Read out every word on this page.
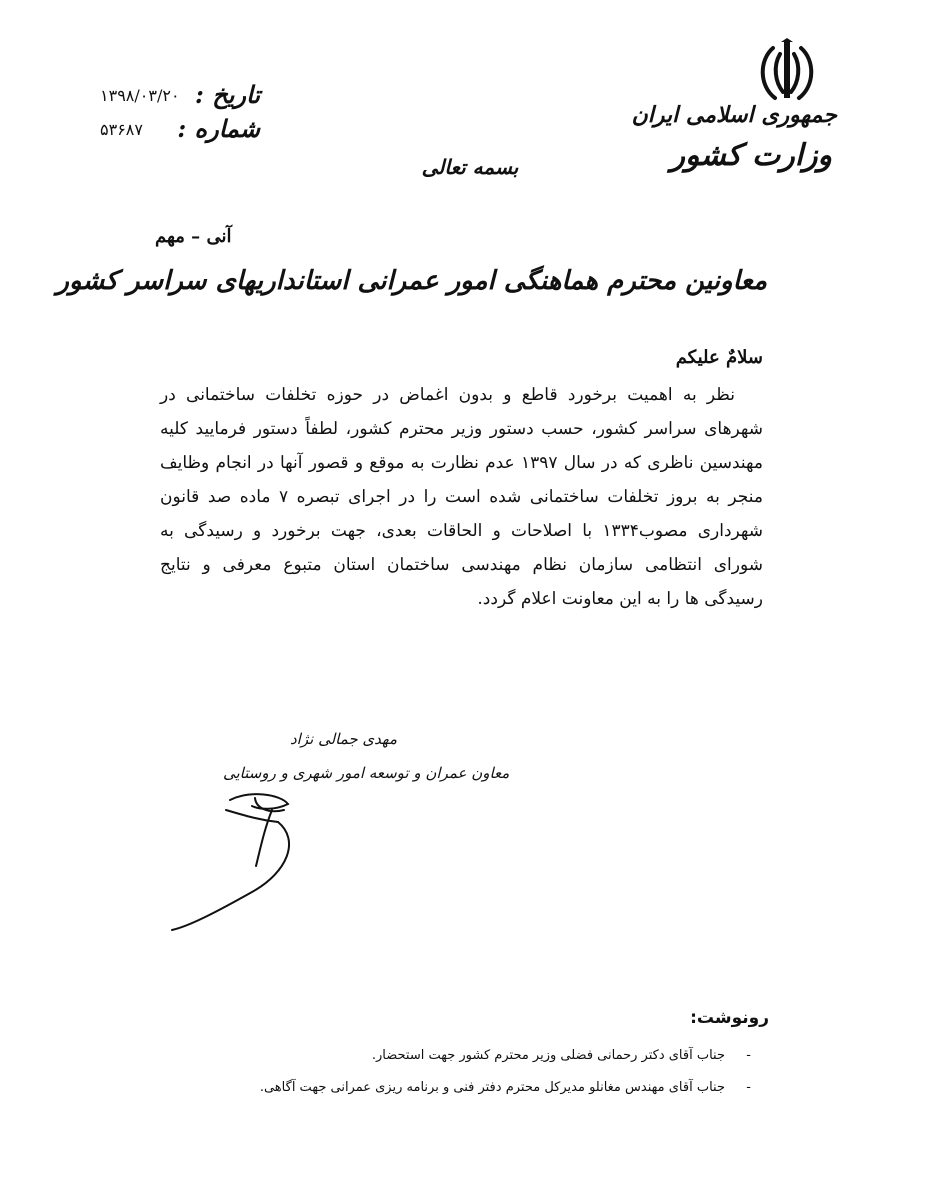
جمهوری اسلامی ایران
وزارت کشور
۱۳۹۸/۰۳/۲۰ تاریخ :
۵۳۶۸۷ شماره :
بسمه تعالی
آنی – مهم
معاونین محترم هماهنگی امور عمرانی استانداریهای سراسر کشور
سلامٌ علیکم

نظر به اهمیت برخورد قاطع و بدون اغماض در حوزه تخلفات ساختمانی در شهرهای سراسر کشور، حسب دستور وزیر محترم کشور، لطفاً دستور فرمایید کلیه مهندسین ناظری که در سال ۱۳۹۷ عدم نظارت به موقع و قصور آنها در انجام وظایف منجر به بروز تخلفات ساختمانی شده است را در اجرای تبصره ۷ ماده صد قانون شهرداری مصوب۱۳۳۴ با اصلاحات و الحاقات بعدی، جهت برخورد و رسیدگی به شورای انتظامی سازمان نظام مهندسی ساختمان استان متبوع معرفی و نتایج رسیدگی ها را به این معاونت اعلام گردد.

مهدی جمالی نژاد
معاون عمران و توسعه امور شهری و روستایی
رونوشت:
- جناب آقای دکتر رحمانی فضلی وزیر محترم کشور جهت استحضار.
- جناب آقای مهندس مغانلو مدیرکل محترم دفتر فنی و برنامه ریزی عمرانی جهت آگاهی.
